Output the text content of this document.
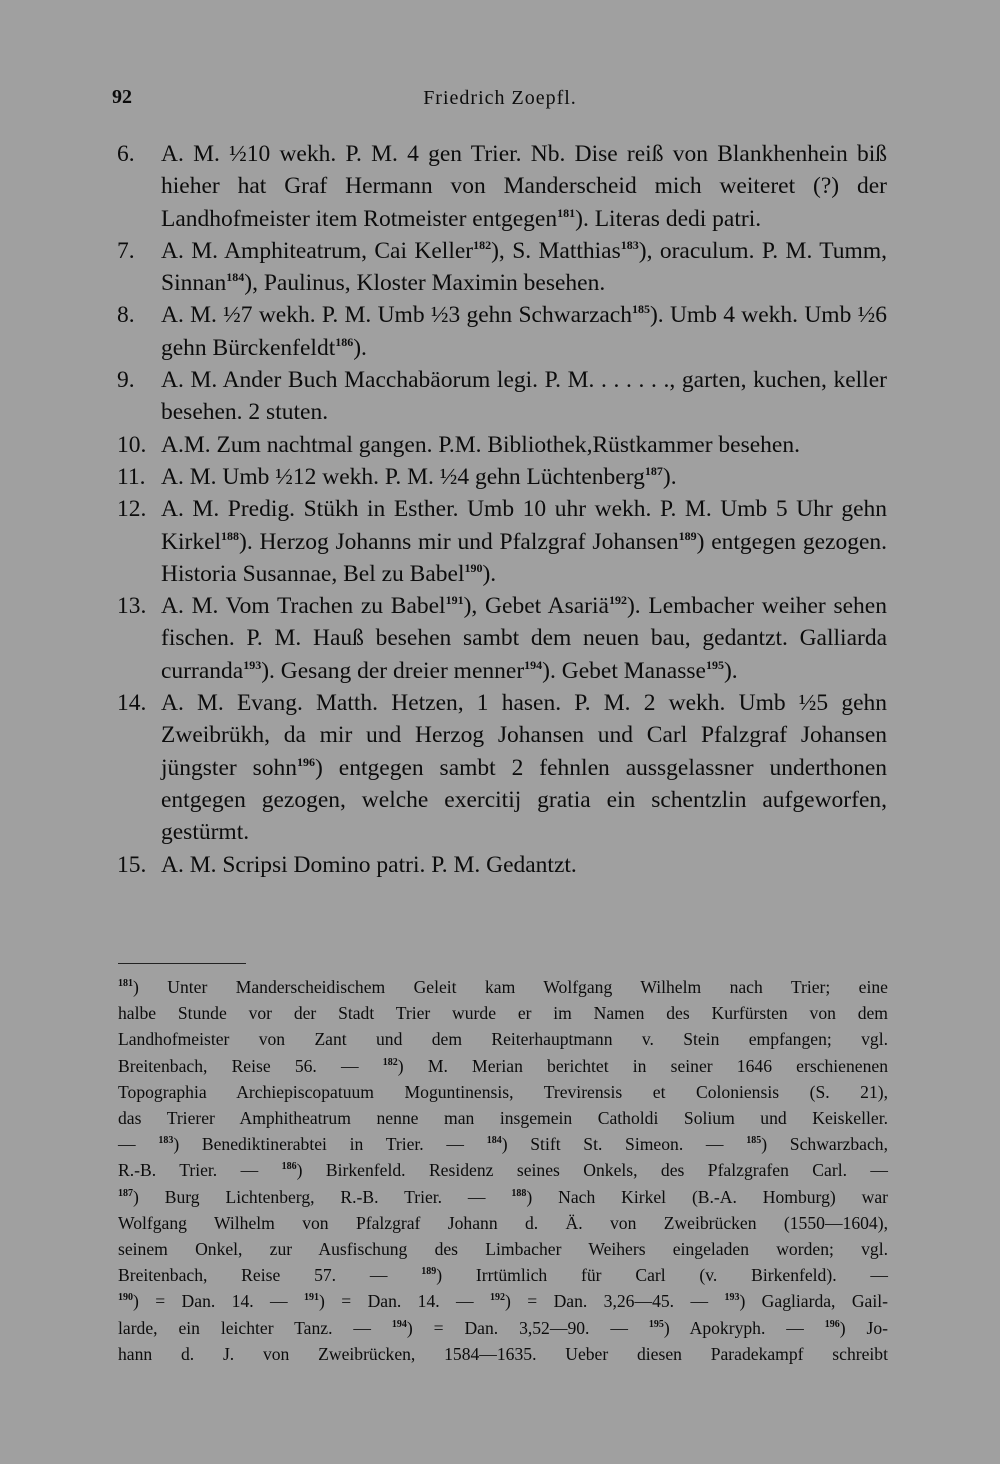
92	Friedrich Zoepfl.
6. A. M. ½10 wekh. P. M. 4 gen Trier. Nb. Dise reiß von Blankhenhein biß hieher hat Graf Hermann von Manderscheid mich weiteret (?) der Landhofmeister item Rotmeister entgegen$^{181}$). Literas dedi patri.
7. A. M. Amphiteatrum, Cai Keller$^{182}$), S. Matthias$^{183}$), oraculum. P. M. Tumm, Sinnan$^{184}$), Paulinus, Kloster Maximin besehen.
8. A. M. ½7 wekh. P. M. Umb ½3 gehn Schwarzach$^{185}$). Umb 4 wekh. Umb ½6 gehn Bürckenfeldt$^{186}$).
9. A. M. Ander Buch Macchabäorum legi. P. M. . . . . . ., garten, kuchen, keller besehen. 2 stuten.
10. A.M. Zum nachtmal gangen. P.M. Bibliothek,Rüstkammer besehen.
11. A. M. Umb ½12 wekh. P. M. ½4 gehn Lüchtenberg$^{187}$).
12. A. M. Predig. Stükh in Esther. Umb 10 uhr wekh. P. M. Umb 5 Uhr gehn Kirkel$^{188}$). Herzog Johanns mir und Pfalzgraf Johansen$^{189}$) entgegen gezogen. Historia Susannae, Bel zu Babel$^{190}$).
13. A. M. Vom Trachen zu Babel$^{191}$), Gebet Asariä$^{192}$). Lembacher weiher sehen fischen. P. M. Hauß besehen sambt dem neuen bau, gedantzt. Galliarda curranda$^{193}$). Gesang der dreier menner$^{194}$). Gebet Manasse$^{195}$).
14. A. M. Evang. Matth. Hetzen, 1 hasen. P. M. 2 wekh. Umb ½5 gehn Zweibrükh, da mir und Herzog Johansen und Carl Pfalzgraf Johansen jüngster sohn$^{196}$) entgegen sambt 2 fehnlen aussgelassner underthonen entgegen gezogen, welche exercitij gratia ein schentzlin aufgeworfen, gestürmt.
15. A. M. Scripsi Domino patri. P. M. Gedantzt.
$^{181}$) Unter Manderscheidischem Geleit kam Wolfgang Wilhelm nach Trier; eine
halbe Stunde vor der Stadt Trier wurde er im Namen des Kurfürsten von dem
Landhofmeister von Zant und dem Reiterhauptmann v. Stein empfangen; vgl.
Breitenbach, Reise 56. — $^{182}$) M. Merian berichtet in seiner 1646 erschienenen
Topographia Archiepiscopatuum Moguntinensis, Trevirensis et Coloniensis (S. 21),
das Trierer Amphitheatrum nenne man insgemein Catholdi Solium und Keiskeller.
— $^{183}$) Benediktinerabtei in Trier. — $^{184}$) Stift St. Simeon. — $^{185}$) Schwarzbach,
R.-B. Trier. — $^{186}$) Birkenfeld. Residenz seines Onkels, des Pfalzgrafen Carl. —
$^{187}$) Burg Lichtenberg, R.-B. Trier. — $^{188}$) Nach Kirkel (B.-A. Homburg) war
Wolfgang Wilhelm von Pfalzgraf Johann d. Ä. von Zweibrücken (1550—1604),
seinem Onkel, zur Ausfischung des Limbacher Weihers eingeladen worden; vgl.
Breitenbach, Reise 57. — $^{189}$) Irrtümlich für Carl (v. Birkenfeld). —
$^{190}$) = Dan. 14. — $^{191}$) = Dan. 14. — $^{192}$) = Dan. 3,26—45. — $^{193}$) Gagliarda, Gail-
larde, ein leichter Tanz. — $^{194}$) = Dan. 3,52—90. — $^{195}$) Apokryph. — $^{196}$) Jo-
hann d. J. von Zweibrücken, 1584—1635. Ueber diesen Paradekampf schreibt
